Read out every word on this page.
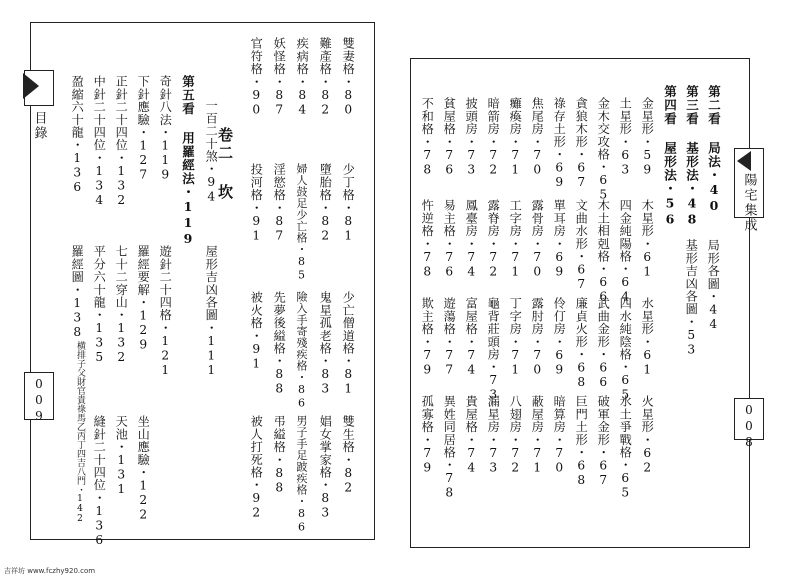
卷二 坎
雙妻格・80
少丁格・81
少亡僧道格・81
雙生格・82
難產格・82
墮胎格・82
鬼星孤老格・83
娼女掌家格・83
疾病格・84
婦人鼓足少亡格・85
險入手寄殘疾格・86
男子手足跛疾格・86
妖怪格・87
淫慾格・87
先夢後縊格・88
弔縊格・88
官符格・90
投河格・91
被火格・91
被人打死格・92
一百二十煞・94
屋形吉凶各圖・111
第五看 用羅經法・119
奇針八法・119
遊針二十四格・121
下針應驗・127
羅經要解・129
坐山應驗・122
正針二十四位・132
七十二穿山・132
天池・131
中針二十四位・134
平分六十龍・135
縫針二十四位・136
盈縮六十龍・136
羅經圖・138
横排子父財官貴祿馬乙丙丁四吉八門・142
目錄
009
第二看 局法・40
第三看 基形法・48
第四看 屋形法・56
局形各圖・44
基形吉凶各圖・53
金星形・59
木星形・61
水星形・61
火星形・62
土星形・63
四金純陽格・64
四水純陰格・65
水土爭戰格・65
金木交攻格・65
木土相剋格・66
武曲金形・66
破軍金形・67
貪狼木形・67
文曲水形・67
廉貞火形・68
巨門土形・68
祿存土形・69
單耳房・69
伶仃房・69
暗算房・70
焦尾房・70
露骨房・70
露肘房・70
蔽屋房・71
癱瘓房・71
工字房・71
丁字房・71
八翅房・72
暗箭房・72
露脊房・72
龜背莊頭房・73
漏星房・73
披頭房・73
鳳臺房・74
富屋格・74
貴屋格・74
貧屋格・76
易主格・76
遊蕩格・77
異姓同居格・78
不和格・78
忤逆格・78
欺主格・79
孤寡格・79
陽宅集成
008
吉祥坊 www.fczhy920.com
